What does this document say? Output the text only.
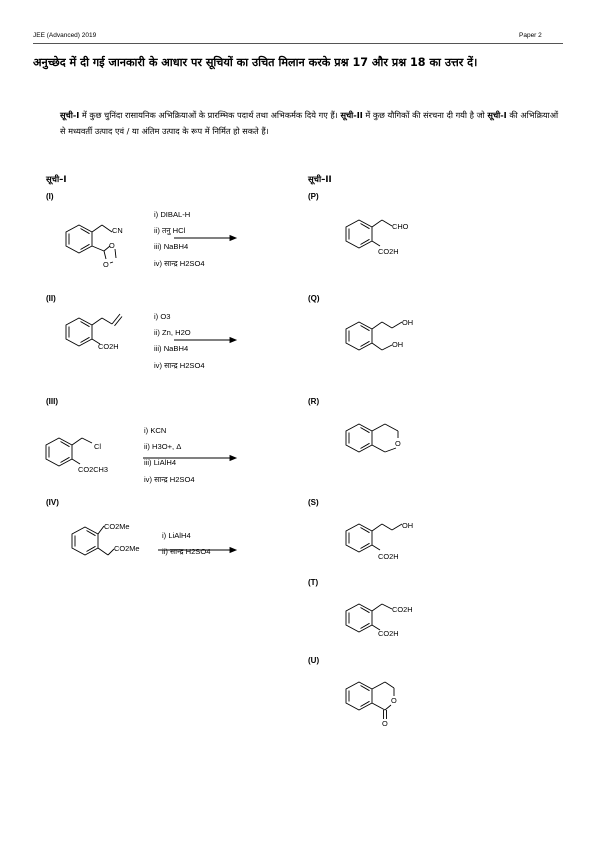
JEE (Advanced) 2019	Paper 2
अनुच्छेद में दी गई जानकारी के आधार पर सूचियों का उचित मिलान करके प्रश्न 17 और प्रश्न 18 का उत्तर दें।
सूची-I में कुछ चुनिंदा रासायनिक अभिक्रियाओं के प्रारम्भिक पदार्थ तथा अभिकर्मक दिये गए हैं। सूची-II में कुछ यौगिकों की संरचना दी गयी है जो सूची-I की अभिक्रियाओं से मध्यवर्ती उत्पाद एवं / या अंतिम उत्पाद के रूप में निर्मित हो सकते हैं।
सूची–I	सूची–II
(I)
i) DIBAL-H
ii) तनु HCl
iii) NaBH4
iv) सान्द्र H2SO4
CN
O
O
(II)
i) O3
ii) Zn, H2O
iii) NaBH4
iv) सान्द्र H2SO4
CO2H
(III)
i) KCN
ii) H3O+, Δ
iii) LiAlH4
iv) सान्द्र H2SO4
Cl
CO2CH3
(IV)
i) LiAlH4
ii) सान्द्र H2SO4
CO2Me
CO2Me
(P)
CHO
CO2H
(Q)
OH
OH
(R)
O
(S)
OH
CO2H
(T)
CO2H
CO2H
(U)
O
O
